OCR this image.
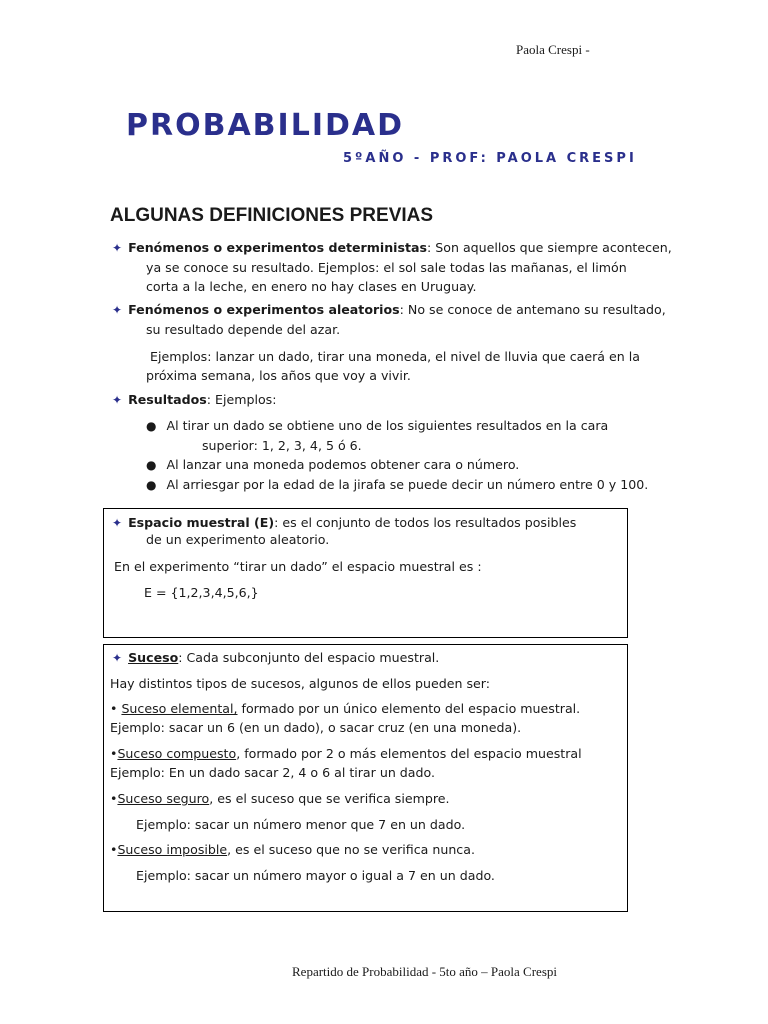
Paola Crespi -
PROBABILIDAD
5ºAÑO - PROF: PAOLA CRESPI
ALGUNAS DEFINICIONES PREVIAS
✦ Fenómenos o experimentos deterministas: Son aquellos que siempre acontecen,
ya se conoce su resultado. Ejemplos: el sol sale todas las mañanas, el limón
corta a la leche, en enero no hay clases en Uruguay.
✦ Fenómenos o experimentos aleatorios: No se conoce de antemano su resultado,
su resultado depende del azar.
Ejemplos: lanzar un dado, tirar una moneda, el nivel de lluvia que caerá en la
próxima semana, los años que voy a vivir.
✦ Resultados: Ejemplos:
● Al tirar un dado se obtiene uno de los siguientes resultados en la cara
superior: 1, 2, 3, 4, 5 ó 6.
● Al lanzar una moneda podemos obtener cara o número.
● Al arriesgar por la edad de la jirafa se puede decir un número entre 0 y 100.
✦ Espacio muestral (E): es el conjunto de todos los resultados posibles
de un experimento aleatorio.
En el experimento “tirar un dado” el espacio muestral es :
E = {1,2,3,4,5,6,}
✦ Suceso: Cada subconjunto del espacio muestral.
Hay distintos tipos de sucesos, algunos de ellos pueden ser:
• Suceso elemental, formado por un único elemento del espacio muestral.
Ejemplo: sacar un 6 (en un dado), o sacar cruz (en una moneda).
•Suceso compuesto, formado por 2 o más elementos del espacio muestral
Ejemplo: En un dado sacar 2, 4 o 6 al tirar un dado.
•Suceso seguro, es el suceso que se verifica siempre.
Ejemplo: sacar un número menor que 7 en un dado.
•Suceso imposible, es el suceso que no se verifica nunca.
Ejemplo: sacar un número mayor o igual a 7 en un dado.
Repartido de Probabilidad - 5to año – Paola Crespi
